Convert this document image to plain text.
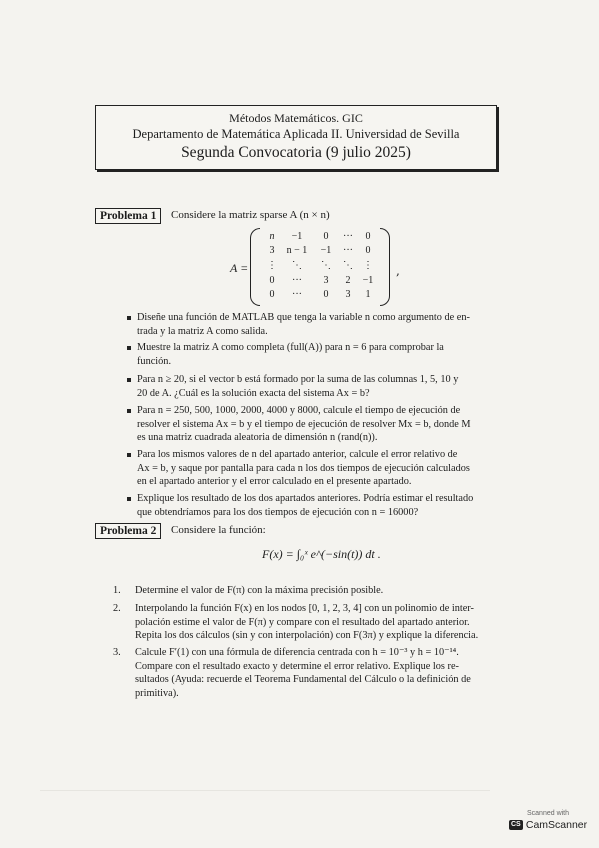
Métodos Matemáticos. GIC
Departamento de Matemática Aplicada II. Universidad de Sevilla
Segunda Convocatoria (9 julio 2025)
Problema 1	Considere la matriz sparse A (n × n)
A =
n	−1	0	···	0
3	n − 1	−1	···	0
⋮	⋱	⋱	⋱	⋮
0	···	3	2	−1
0	···	0	3	1
,
Diseñe una función de MATLAB que tenga la variable n como argumento de en-
trada y la matriz A como salida.
Muestre la matriz A como completa (full(A)) para n = 6 para comprobar la
función.
Para n ≥ 20, si el vector b está formado por la suma de las columnas 1, 5, 10 y
20 de A. ¿Cuál es la solución exacta del sistema Ax = b?
Para n = 250, 500, 1000, 2000, 4000 y 8000, calcule el tiempo de ejecución de
resolver el sistema Ax = b y el tiempo de ejecución de resolver Mx = b, donde M
es una matriz cuadrada aleatoria de dimensión n (rand(n)).
Para los mismos valores de n del apartado anterior, calcule el error relativo de
Ax = b, y saque por pantalla para cada n los dos tiempos de ejecución calculados
en el apartado anterior y el error calculado en el presente apartado.
Explique los resultado de los dos apartados anteriores. Podría estimar el resultado
que obtendríamos para los dos tiempos de ejecución con n = 16000?
Problema 2	Considere la función:
F(x) = ∫₀ˣ e^(−sin(t)) dt .
1. Determine el valor de F(π) con la máxima precisión posible.
2. Interpolando la función F(x) en los nodos [0, 1, 2, 3, 4] con un polinomio de inter-
polación estime el valor de F(π) y compare con el resultado del apartado anterior.
Repita los dos cálculos (sin y con interpolación) con F(3π) y explique la diferencia.
3. Calcule F′(1) con una fórmula de diferencia centrada con h = 10⁻³ y h = 10⁻¹⁴.
Compare con el resultado exacto y determine el error relativo. Explique los re-
sultados (Ayuda: recuerde el Teorema Fundamental del Cálculo o la definición de
primitiva).
Scanned with
CS CamScanner
